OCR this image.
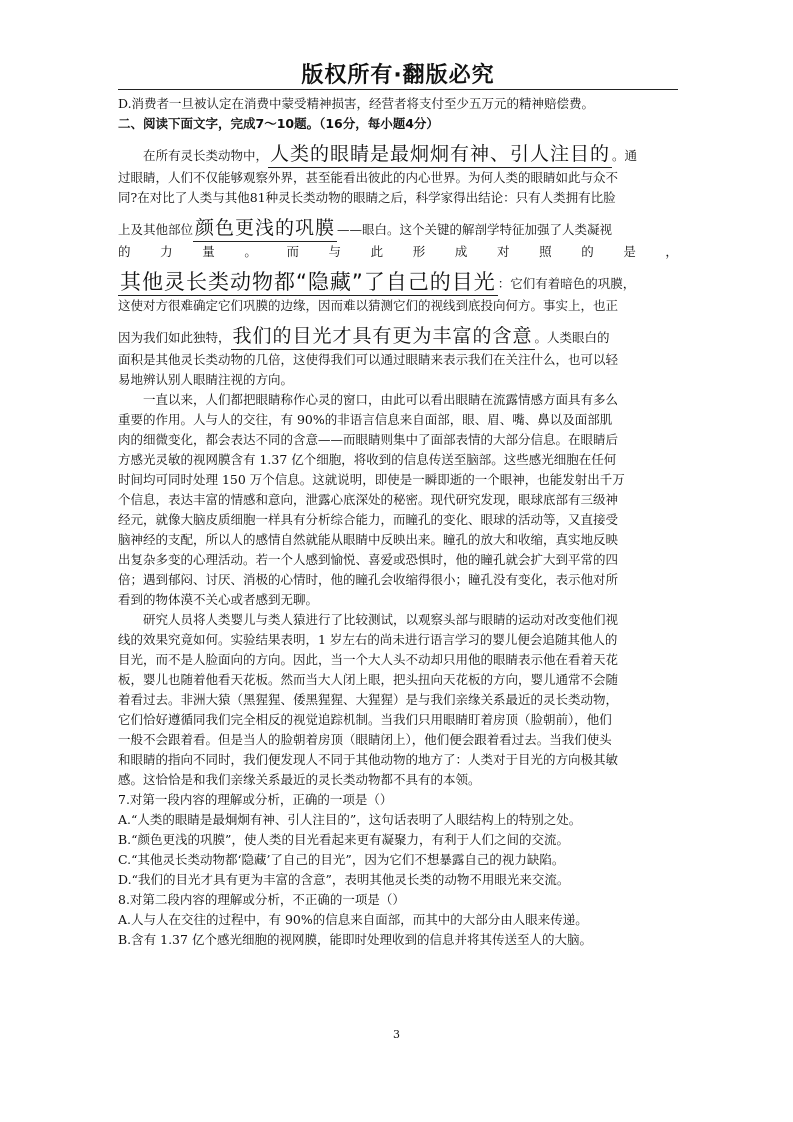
版权所有·翻版必究
D.消费者一旦被认定在消费中蒙受精神损害，经营者将支付至少五万元的精神赔偿费。
二、阅读下面文字，完成7～10题。（16分，每小题4分）
在所有灵长类动物中， 人类的眼睛是最炯炯有神、引人注目的 。通
过眼睛，人们不仅能够观察外界，甚至能看出彼此的内心世界。为何人类的眼睛如此与众不
同?在对比了人类与其他81种灵长类动物的眼睛之后，科学家得出结论：只有人类拥有比脸
上及其他部位 颜色更浅的巩膜 ——眼白。这个关键的解剖学特征加强了人类凝视
的 力 量 。 而 与 此 形 成 对 照 的 是 ，
其他灵长类动物都“隐藏”了自己的目光 ：它们有着暗色的巩膜，
这使对方很难确定它们巩膜的边缘，因而难以猜测它们的视线到底投向何方。事实上，也正
因为我们如此独特， 我们的目光才具有更为丰富的含意 。人类眼白的
面积是其他灵长类动物的几倍，这使得我们可以通过眼睛来表示我们在关注什么，也可以轻
易地辨认别人眼睛注视的方向。
一直以来，人们都把眼睛称作心灵的窗口，由此可以看出眼睛在流露情感方面具有多么
重要的作用。人与人的交往，有 90%的非语言信息来自面部，眼、眉、嘴、鼻以及面部肌
肉的细微变化，都会表达不同的含意——而眼睛则集中了面部表情的大部分信息。在眼睛后
方感光灵敏的视网膜含有 1.37 亿个细胞，将收到的信息传送至脑部。这些感光细胞在任何
时间均可同时处理 150 万个信息。这就说明，即使是一瞬即逝的一个眼神，也能发射出千万
个信息，表达丰富的情感和意向，泄露心底深处的秘密。现代研究发现，眼球底部有三级神
经元，就像大脑皮质细胞一样具有分析综合能力，而瞳孔的变化、眼球的活动等，又直接受
脑神经的支配，所以人的感情自然就能从眼睛中反映出来。瞳孔的放大和收缩，真实地反映
出复杂多变的心理活动。若一个人感到愉悦、喜爱或恐惧时，他的瞳孔就会扩大到平常的四
倍；遇到郁闷、讨厌、消极的心情时，他的瞳孔会收缩得很小；瞳孔没有变化，表示他对所
看到的物体漠不关心或者感到无聊。
研究人员将人类婴儿与类人猿进行了比较测试，以观察头部与眼睛的运动对改变他们视
线的效果究竟如何。实验结果表明，1 岁左右的尚未进行语言学习的婴儿便会追随其他人的
目光，而不是人脸面向的方向。因此，当一个大人头不动却只用他的眼睛表示他在看着天花
板，婴儿也随着他看天花板。然而当大人闭上眼，把头扭向天花板的方向，婴儿通常不会随
着看过去。非洲大猿（黑猩猩、倭黑猩猩、大猩猩）是与我们亲缘关系最近的灵长类动物，
它们恰好遵循同我们完全相反的视觉追踪机制。当我们只用眼睛盯着房顶（脸朝前），他们
一般不会跟着看。但是当人的脸朝着房顶（眼睛闭上），他们便会跟着看过去。当我们使头
和眼睛的指向不同时，我们便发现人不同于其他动物的地方了：人类对于目光的方向极其敏
感。这恰恰是和我们亲缘关系最近的灵长类动物都不具有的本领。
7.对第一段内容的理解或分析，正确的一项是（）
A.“人类的眼睛是最炯炯有神、引人注目的”，这句话表明了人眼结构上的特别之处。
B.“颜色更浅的巩膜”，使人类的目光看起来更有凝聚力，有利于人们之间的交流。
C.“其他灵长类动物都‘隐藏’了自己的目光”，因为它们不想暴露自己的视力缺陷。
D.“我们的目光才具有更为丰富的含意”，表明其他灵长类的动物不用眼光来交流。
8.对第二段内容的理解或分析，不正确的一项是（）
A.人与人在交往的过程中，有 90%的信息来自面部，而其中的大部分由人眼来传递。
B.含有 1.37 亿个感光细胞的视网膜，能即时处理收到的信息并将其传送至人的大脑。
3
